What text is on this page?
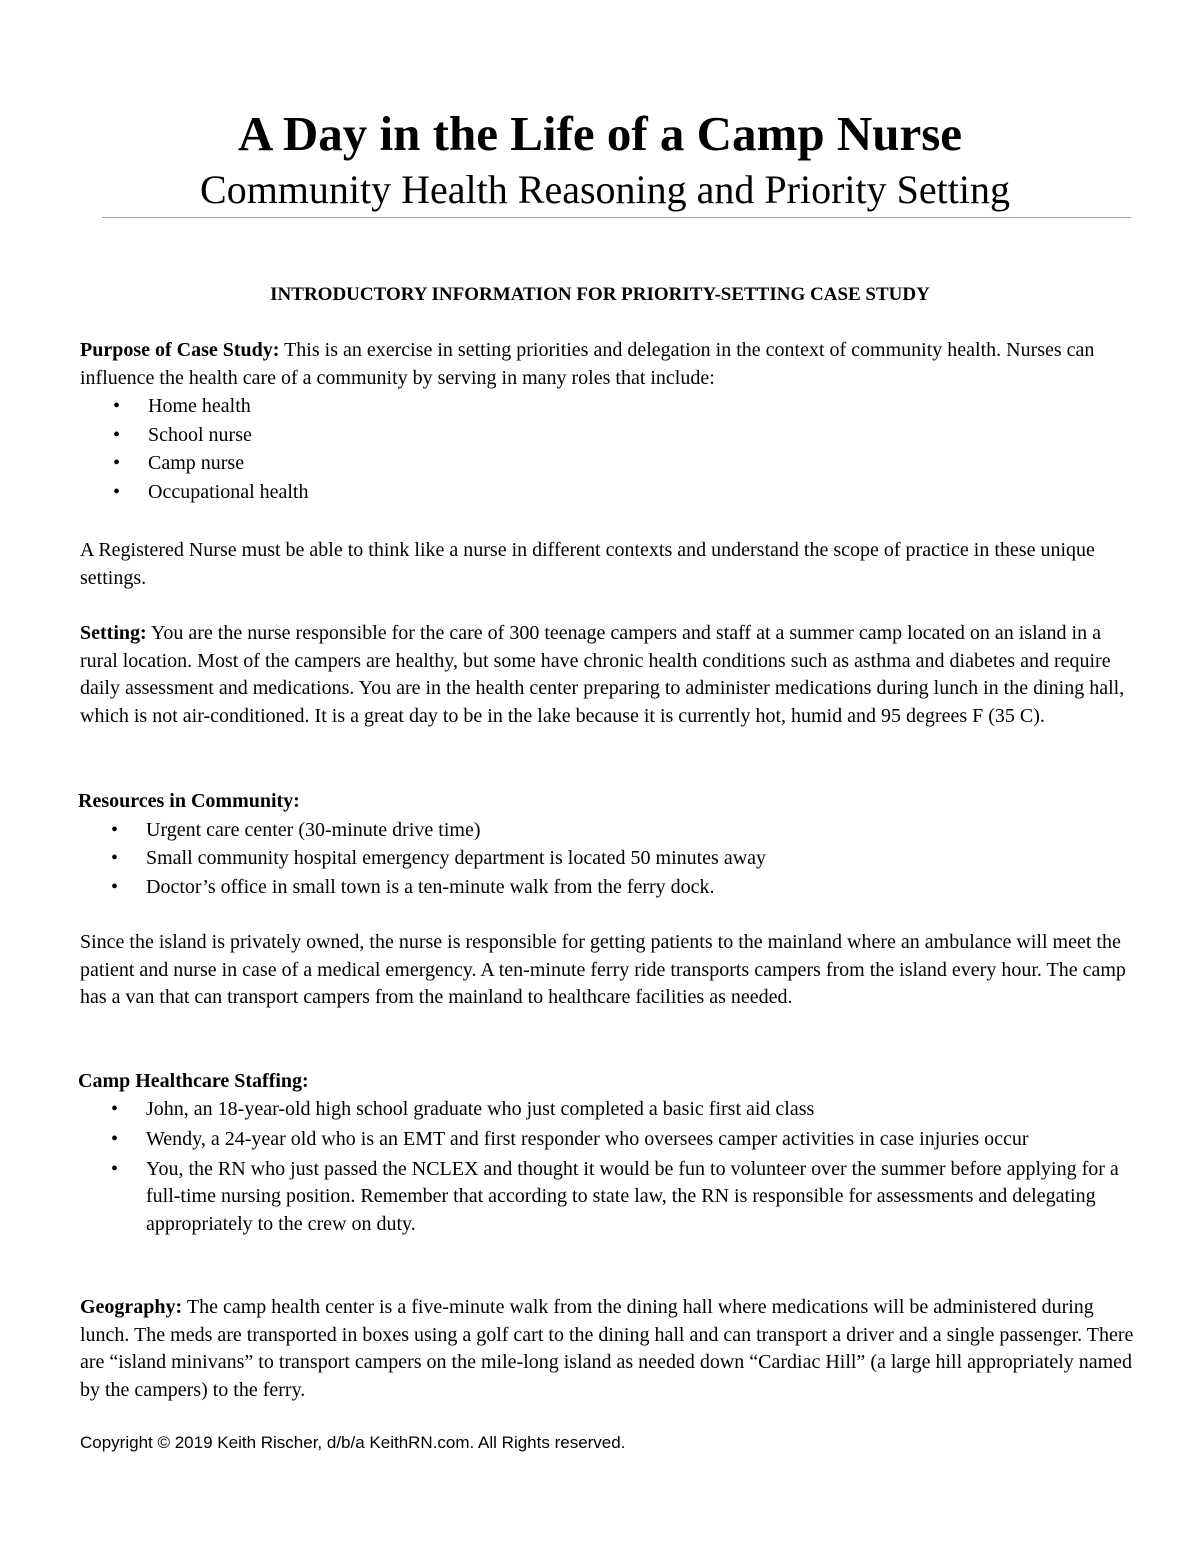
A Day in the Life of a Camp Nurse
Community Health Reasoning and Priority Setting
INTRODUCTORY INFORMATION FOR PRIORITY-SETTING CASE STUDY

Purpose of Case Study: This is an exercise in setting priorities and delegation in the context of community health. Nurses can influence the health care of a community by serving in many roles that include:

• Home health
• School nurse
• Camp nurse
• Occupational health

A Registered Nurse must be able to think like a nurse in different contexts and understand the scope of practice in these unique settings.

Setting: You are the nurse responsible for the care of 300 teenage campers and staff at a summer camp located on an island in a rural location. Most of the campers are healthy, but some have chronic health conditions such as asthma and diabetes and require daily assessment and medications. You are in the health center preparing to administer medications during lunch in the dining hall, which is not air-conditioned. It is a great day to be in the lake because it is currently hot, humid and 95 degrees F (35 C).

Resources in Community:

• Urgent care center (30-minute drive time)
• Small community hospital emergency department is located 50 minutes away
• Doctor’s office in small town is a ten-minute walk from the ferry dock.

Since the island is privately owned, the nurse is responsible for getting patients to the mainland where an ambulance will meet the patient and nurse in case of a medical emergency. A ten-minute ferry ride transports campers from the island every hour. The camp has a van that can transport campers from the mainland to healthcare facilities as needed.

Camp Healthcare Staffing:

• John, an 18-year-old high school graduate who just completed a basic first aid class
• Wendy, a 24-year old who is an EMT and first responder who oversees camper activities in case injuries occur
• You, the RN who just passed the NCLEX and thought it would be fun to volunteer over the summer before applying for a full-time nursing position. Remember that according to state law, the RN is responsible for assessments and delegating appropriately to the crew on duty.

Geography: The camp health center is a five-minute walk from the dining hall where medications will be administered during lunch. The meds are transported in boxes using a golf cart to the dining hall and can transport a driver and a single passenger. There are “island minivans” to transport campers on the mile-long island as needed down “Cardiac Hill” (a large hill appropriately named by the campers) to the ferry.

Copyright © 2019 Keith Rischer, d/b/a KeithRN.com. All Rights reserved.
